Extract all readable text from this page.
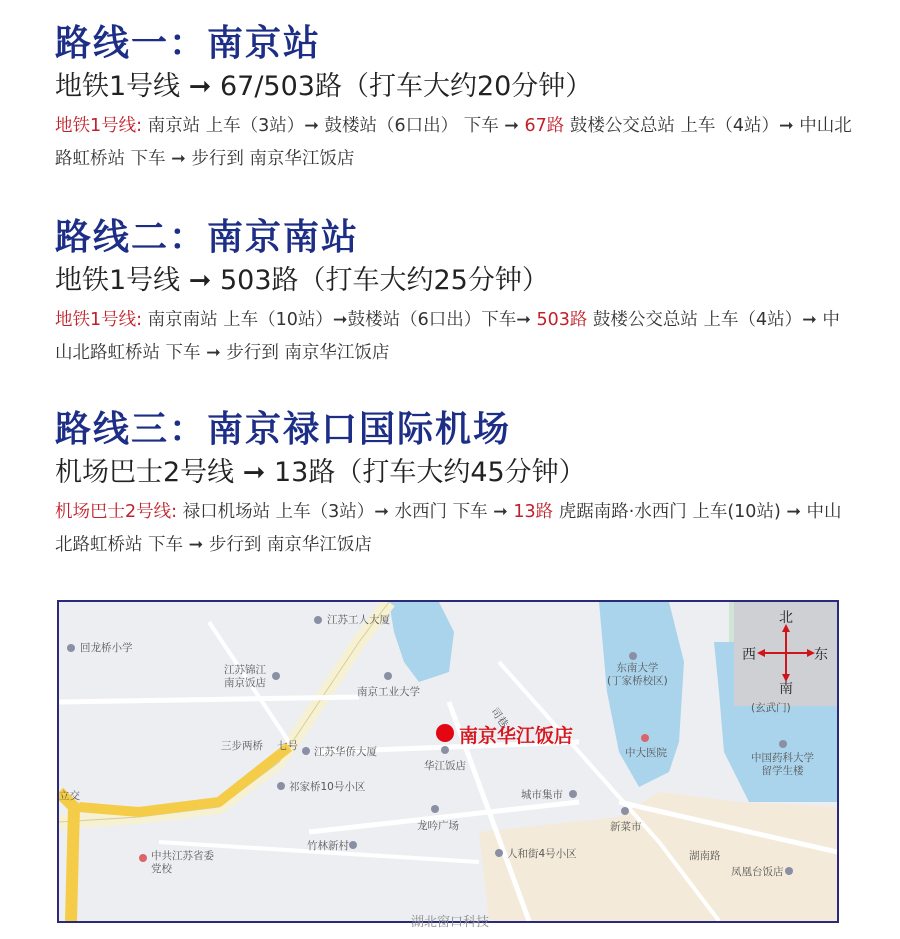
路线一：南京站
地铁1号线 ➞ 67/503路（打车大约20分钟）
地铁1号线: 南京站 上车（3站）➞ 鼓楼站（6口出） 下车 ➞ 67路 鼓楼公交总站 上车（4站）➞ 中山北路虹桥站 下车 ➞ 步行到 南京华江饭店
路线二：南京南站
地铁1号线 ➞ 503路（打车大约25分钟）
地铁1号线: 南京南站 上车（10站）➞鼓楼站（6口出）下车➞ 503路 鼓楼公交总站 上车（4站）➞ 中山北路虹桥站 下车 ➞ 步行到 南京华江饭店
路线三：南京禄口国际机场
机场巴士2号线 ➞ 13路（打车大约45分钟）
机场巴士2号线: 禄口机场站 上车（3站）➞ 水西门 下车 ➞ 13路 虎踞南路·水西门 上车(10站) ➞ 中山北路虹桥站 下车 ➞ 步行到 南京华江饭店
北
南
西	东
江苏工人大厦
回龙桥小学
江苏锦江
南京饭店
南京工业大学
东南大学
(丁家桥校区)
(玄武门)
司巷
三步两桥 七号 江苏华侨大厦
南京华江饭店
华江饭店
中大医院	中国药科大学
留学生楼
祁家桥10号小区
城市集市
新菜市
龙吟广场
竹林新村
人和街4号小区	湖南路
凤凰台饭店
中共江苏省委
党校
立交
湖北窗口科技
